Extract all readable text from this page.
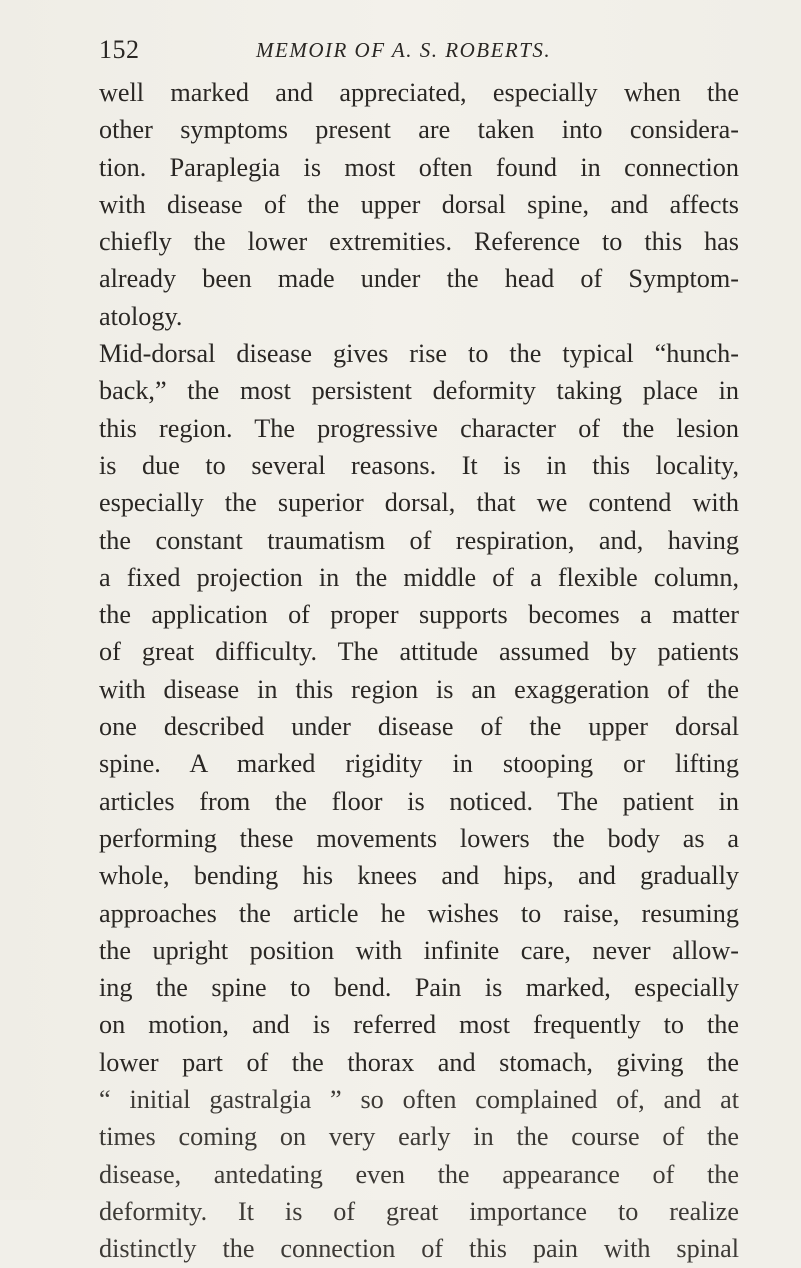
152	MEMOIR OF A. S. ROBERTS.
well marked and appreciated, especially when the
other symptoms present are taken into considera-
tion. Paraplegia is most often found in connection
with disease of the upper dorsal spine, and affects
chiefly the lower extremities. Reference to this has
already been made under the head of Symptom-
atology.
Mid-dorsal disease gives rise to the typical “hunch-
back,” the most persistent deformity taking place in
this region. The progressive character of the lesion
is due to several reasons. It is in this locality,
especially the superior dorsal, that we contend with
the constant traumatism of respiration, and, having
a fixed projection in the middle of a flexible column,
the application of proper supports becomes a matter
of great difficulty. The attitude assumed by patients
with disease in this region is an exaggeration of the
one described under disease of the upper dorsal
spine. A marked rigidity in stooping or lifting
articles from the floor is noticed. The patient in
performing these movements lowers the body as a
whole, bending his knees and hips, and gradually
approaches the article he wishes to raise, resuming
the upright position with infinite care, never allow-
ing the spine to bend. Pain is marked, especially
on motion, and is referred most frequently to the
lower part of the thorax and stomach, giving the
“ initial gastralgia ” so often complained of, and at
times coming on very early in the course of the
disease, antedating even the appearance of the
deformity. It is of great importance to realize
distinctly the connection of this pain with spinal
